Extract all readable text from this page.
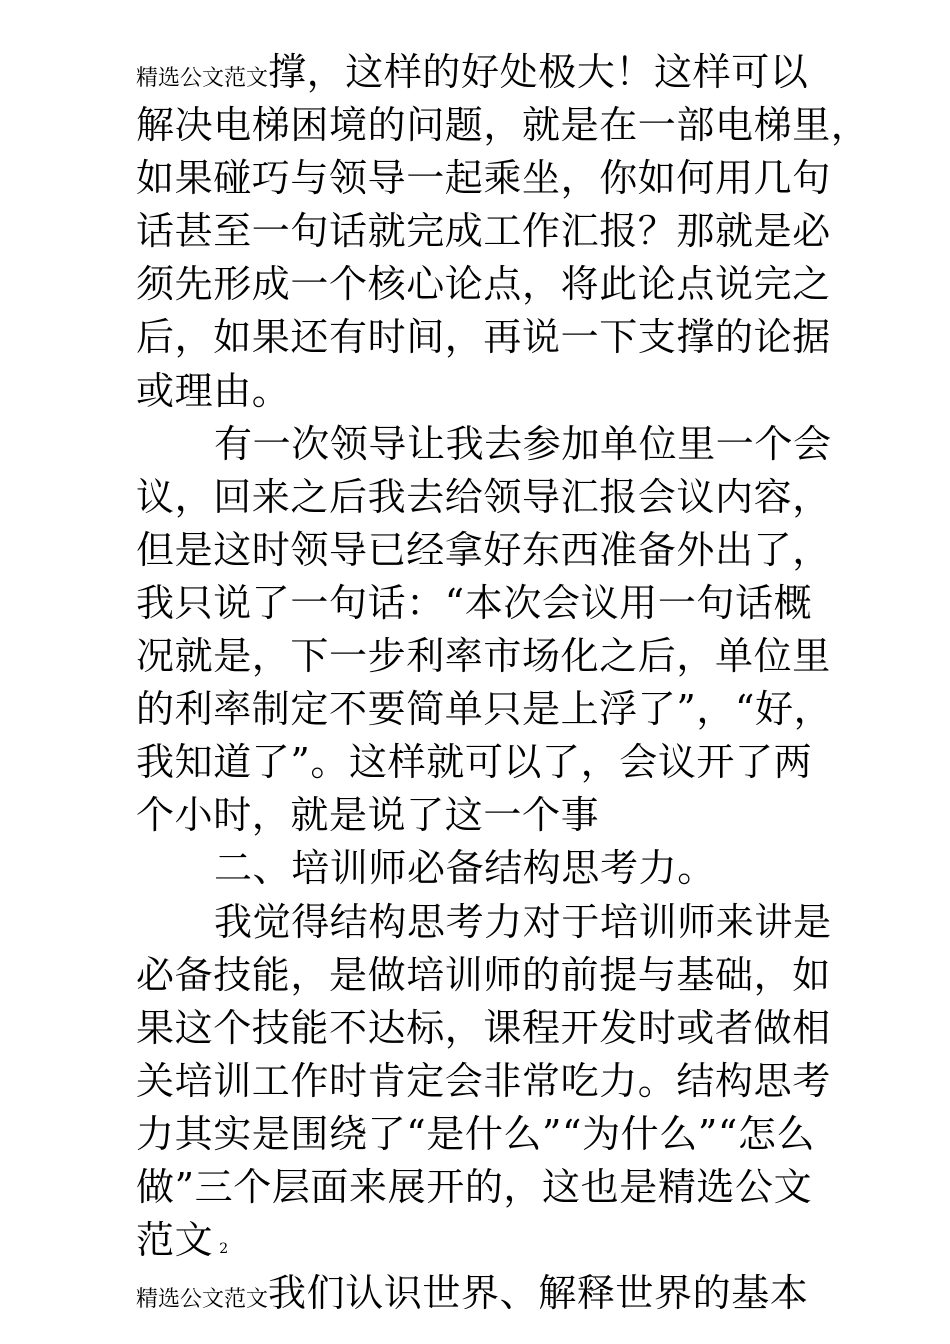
精选公文范文撑，这样的好处极大！这样可以
解决电梯困境的问题，就是在一部电梯里，
如果碰巧与领导一起乘坐，你如何用几句
话甚至一句话就完成工作汇报？那就是必
须先形成一个核心论点，将此论点说完之
后，如果还有时间，再说一下支撑的论据
或理由。
有一次领导让我去参加单位里一个会
议，回来之后我去给领导汇报会议内容，
但是这时领导已经拿好东西准备外出了，
我只说了一句话：“本次会议用一句话概
况就是，下一步利率市场化之后，单位里
的利率制定不要简单只是上浮了”，“好，
我知道了”。这样就可以了，会议开了两
个小时，就是说了这一个事
二、培训师必备结构思考力。
我觉得结构思考力对于培训师来讲是
必备技能，是做培训师的前提与基础，如
果这个技能不达标，课程开发时或者做相
关培训工作时肯定会非常吃力。结构思考
力其实是围绕了“是什么”“为什么”“怎么
做”三个层面来展开的，这也是精选公文
范文 2
精选公文范文我们认识世界、解释世界的基本
